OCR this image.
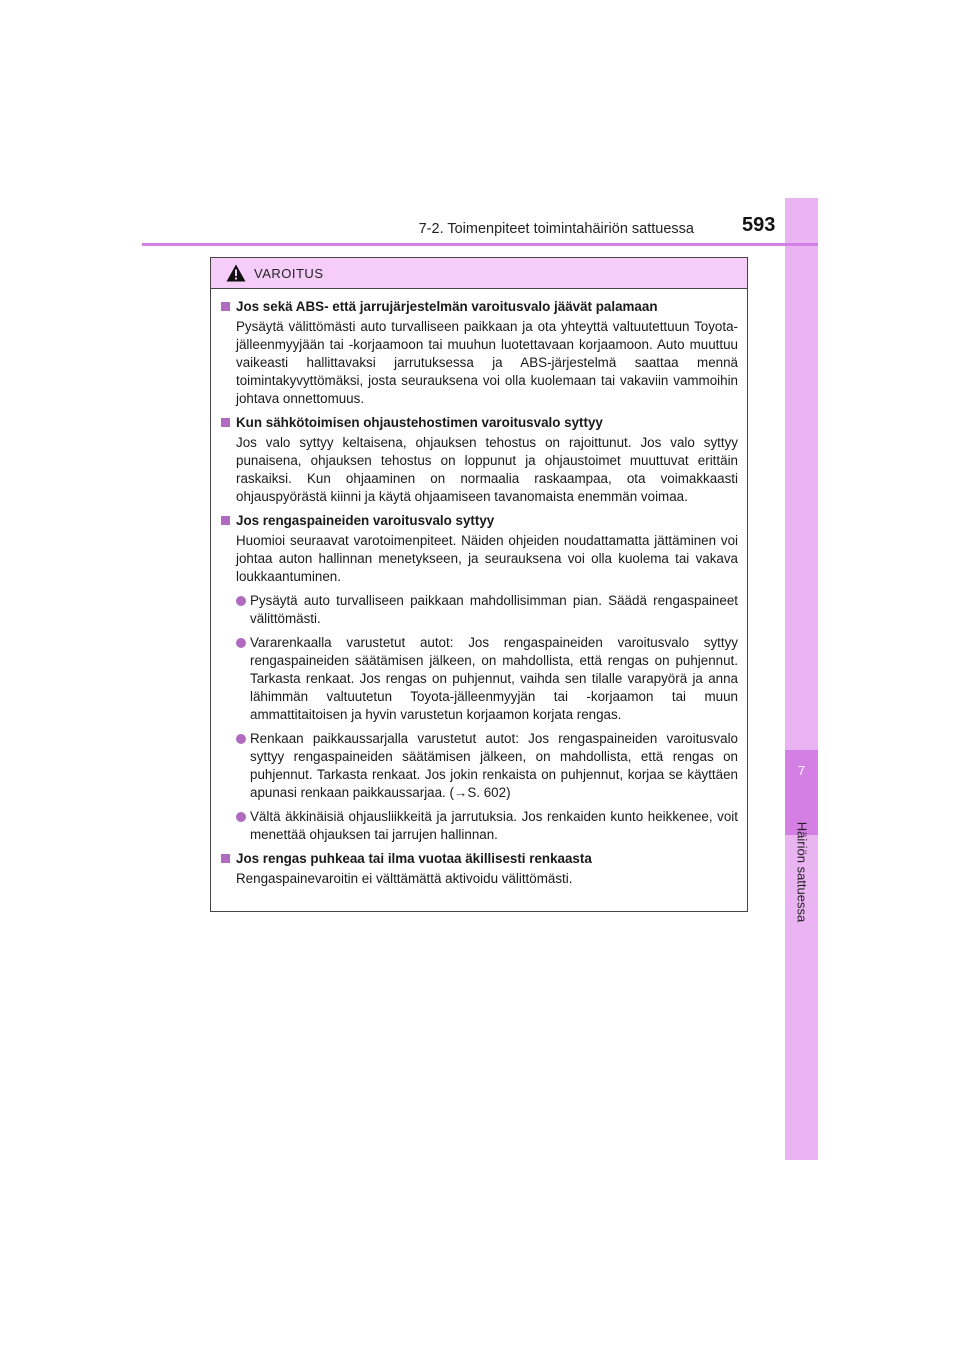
7
Häiriön sattuessa
7-2. Toimenpiteet toimintahäiriön sattuessa 593
VAROITUS
Jos sekä ABS- että jarrujärjestelmän varoitusvalo jäävät palamaan
Pysäytä välittömästi auto turvalliseen paikkaan ja ota yhteyttä valtuutettuun Toyota-jälleenmyyjään tai -korjaamoon tai muuhun luotettavaan korjaamoon. Auto muuttuu vaikeasti hallittavaksi jarrutuksessa ja ABS-järjestelmä saattaa mennä toimintakyvyttömäksi, josta seurauksena voi olla kuolemaan tai vakaviin vammoihin johtava onnettomuus.
Kun sähkötoimisen ohjaustehostimen varoitusvalo syttyy
Jos valo syttyy keltaisena, ohjauksen tehostus on rajoittunut. Jos valo syttyy punaisena, ohjauksen tehostus on loppunut ja ohjaustoimet muuttuvat erittäin raskaiksi. Kun ohjaaminen on normaalia raskaampaa, ota voimakkaasti ohjauspyörästä kiinni ja käytä ohjaamiseen tavanomaista enemmän voimaa.
Jos rengaspaineiden varoitusvalo syttyy
Huomioi seuraavat varotoimenpiteet. Näiden ohjeiden noudattamatta jättäminen voi johtaa auton hallinnan menetykseen, ja seurauksena voi olla kuolema tai vakava loukkaantuminen.
Pysäytä auto turvalliseen paikkaan mahdollisimman pian. Säädä rengaspaineet välittömästi.
Vararenkaalla varustetut autot: Jos rengaspaineiden varoitusvalo syttyy rengaspaineiden säätämisen jälkeen, on mahdollista, että rengas on puhjennut. Tarkasta renkaat. Jos rengas on puhjennut, vaihda sen tilalle varapyörä ja anna lähimmän valtuutetun Toyota-jälleenmyyjän tai -korjaamon tai muun ammattitaitoisen ja hyvin varustetun korjaamon korjata rengas.
Renkaan paikkaussarjalla varustetut autot: Jos rengaspaineiden varoitusvalo syttyy rengaspaineiden säätämisen jälkeen, on mahdollista, että rengas on puhjennut. Tarkasta renkaat. Jos jokin renkaista on puhjennut, korjaa se käyttäen apunasi renkaan paikkaussarjaa. (→S. 602)
Vältä äkkinäisiä ohjausliikkeitä ja jarrutuksia. Jos renkaiden kunto heikkenee, voit menettää ohjauksen tai jarrujen hallinnan.
Jos rengas puhkeaa tai ilma vuotaa äkillisesti renkaasta
Rengaspainevaroitin ei välttämättä aktivoidu välittömästi.
